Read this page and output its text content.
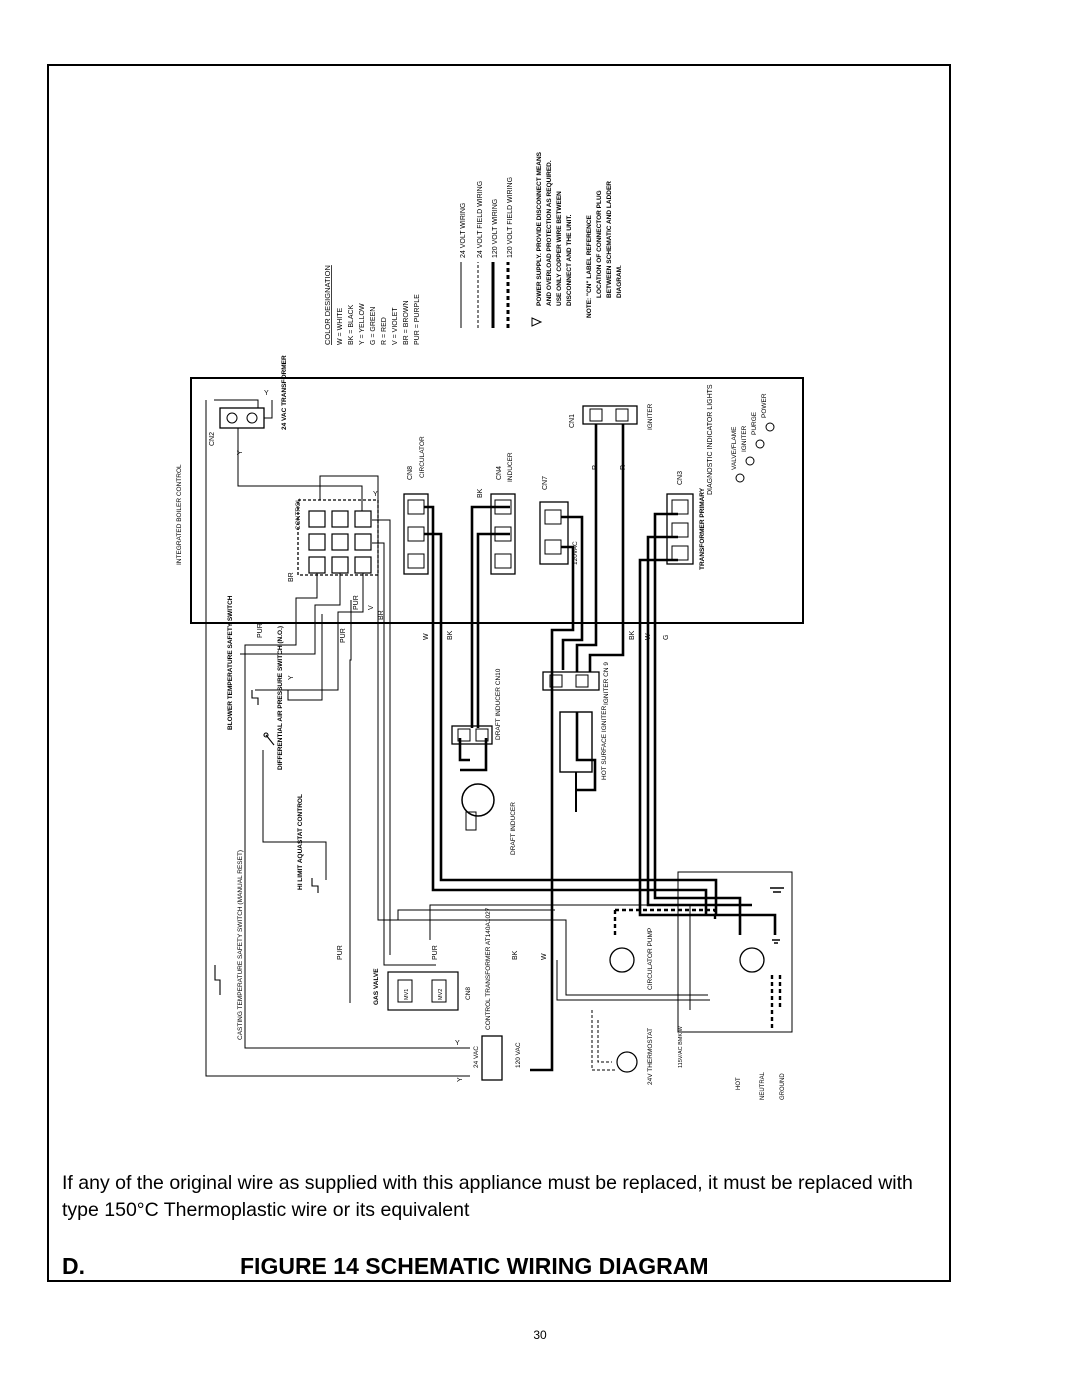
INTEGRATED BOILER CONTROL
CN2
24 VAC TRANSFORMER
CONTROL
CN8 CIRCULATOR	CN4 INDUCER
CN7
120VAC
CN1	IGNITER
CN3
TRANSFORMER PRIMARY
DIAGNOSTIC INDICATOR LIGHTS	VALVE/FLAME IGNITER
PURGE
POWER
COLOR DESIGNATION W = WHITE BK = BLACK Y = YELLOW G = GREEN R = RED V = VIOLET BR = BROWN PUR = PURPLE
24 VOLT WIRING 24 VOLT FIELD WIRING 120 VOLT WIRING 120 VOLT FIELD WIRING	POWER SUPPLY. PROVIDE DISCONNECT MEANS AND OVERLOAD PROTECTION AS REQUIRED. USE ONLY COPPER WIRE BETWEEN DISCONNECT AND THE UNIT. NOTE: "CN" LABEL REFERENCE LOCATION OF CONNECTOR PLUG BETWEEN SCHEMATIC AND LADDER DIAGRAM.
Y
Y
Y
BR
PUR V
BR
PUR
PUR
Y
W BK
BK
R	R
BK W G
PUR	PUR	BK	W
Y
Y
BLOWER TEMPERATURE SAFETY SWITCH	DIFFERENTIAL AIR PRESSURE SWITCH (N.O.)	DRAFT INDUCER CN10
DRAFT INDUCER
IGNITER CN 9
HOT SURFACE IGNITER
HI LIMIT AQUASTAT CONTROL
CASTING TEMPERATURE SAFETY SWITCH (MANUAL RESET)	GAS VALVE	MV1	MV2	CN8 CONTROL TRANSFORMER AT140A1027
24 VAC	120 VAC
CIRCULATOR PUMP
24V THERMOSTAT	115V/AC BMK W
HOT	NEUTRAL GROUND

If any of the original wire as supplied with this appliance must be replaced, it must be replaced with type 150°C Thermoplastic wire or its equivalent

D.	FIGURE 14 SCHEMATIC WIRING DIAGRAM
30
